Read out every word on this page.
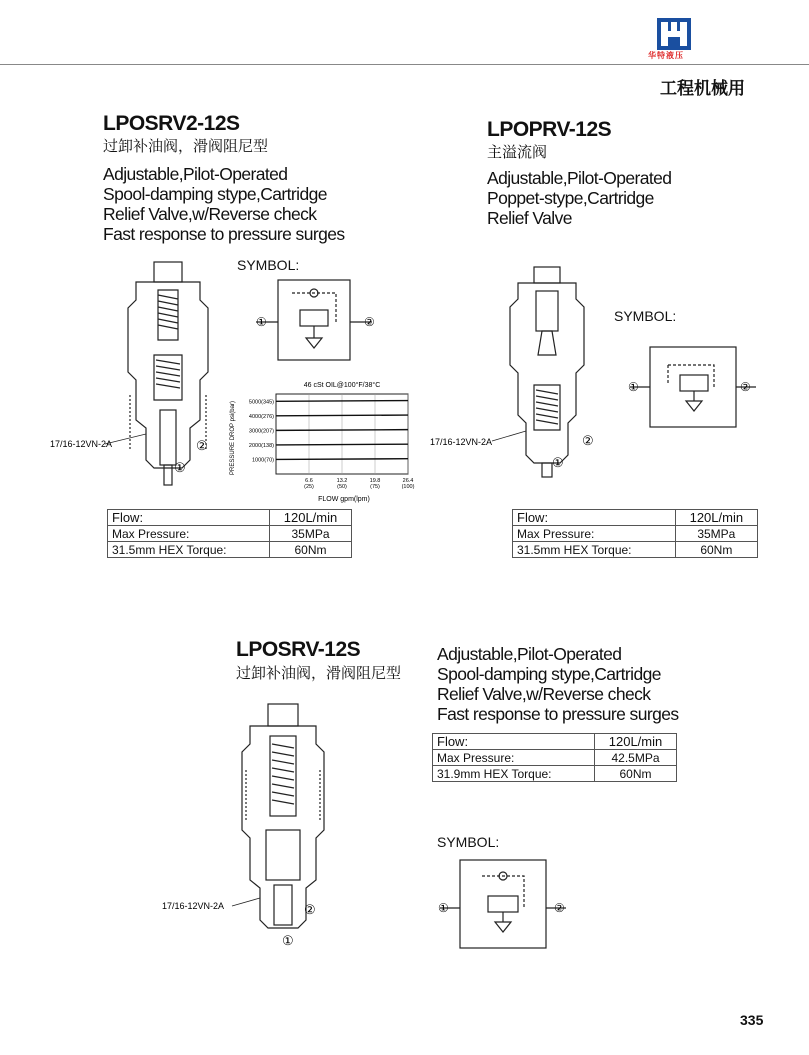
华特液压
工程机械用
LPOSRV2-12S
过卸补油阀，滑阀阻尼型
Adjustable,Pilot-Operated
Spool-damping stype,Cartridge
Relief Valve,w/Reverse check
Fast response to pressure surges
SYMBOL:
17/16-12VN-2A	②
①
①	②
46 cSt OIL@100°F/38°C
FLOW gpm(lpm)
PRESSURE DROP psi(bar)
6.6
(25)
13.2
(50)
19.8
(75)
26.4
(100)
1000(70)
2000(138)
3000(207)
4000(276)
5000(345)
Flow:	120L/min
Max Pressure:	35MPa
31.5mm HEX Torque:	60Nm
LPOPRV-12S
主溢流阀
Adjustable,Pilot-Operated
Poppet-stype,Cartridge
Relief Valve
SYMBOL:
17/16-12VN-2A	②
①
①	②
Flow:	120L/min
Max Pressure:	35MPa
31.5mm HEX Torque:	60Nm
LPOSRV-12S
过卸补油阀，滑阀阻尼型
Adjustable,Pilot-Operated
Spool-damping stype,Cartridge
Relief Valve,w/Reverse check
Fast response to pressure surges
Flow:	120L/min
Max Pressure:	42.5MPa
31.9mm HEX Torque:	60Nm
17/16-12VN-2A	②
①
SYMBOL:
①	②
335
